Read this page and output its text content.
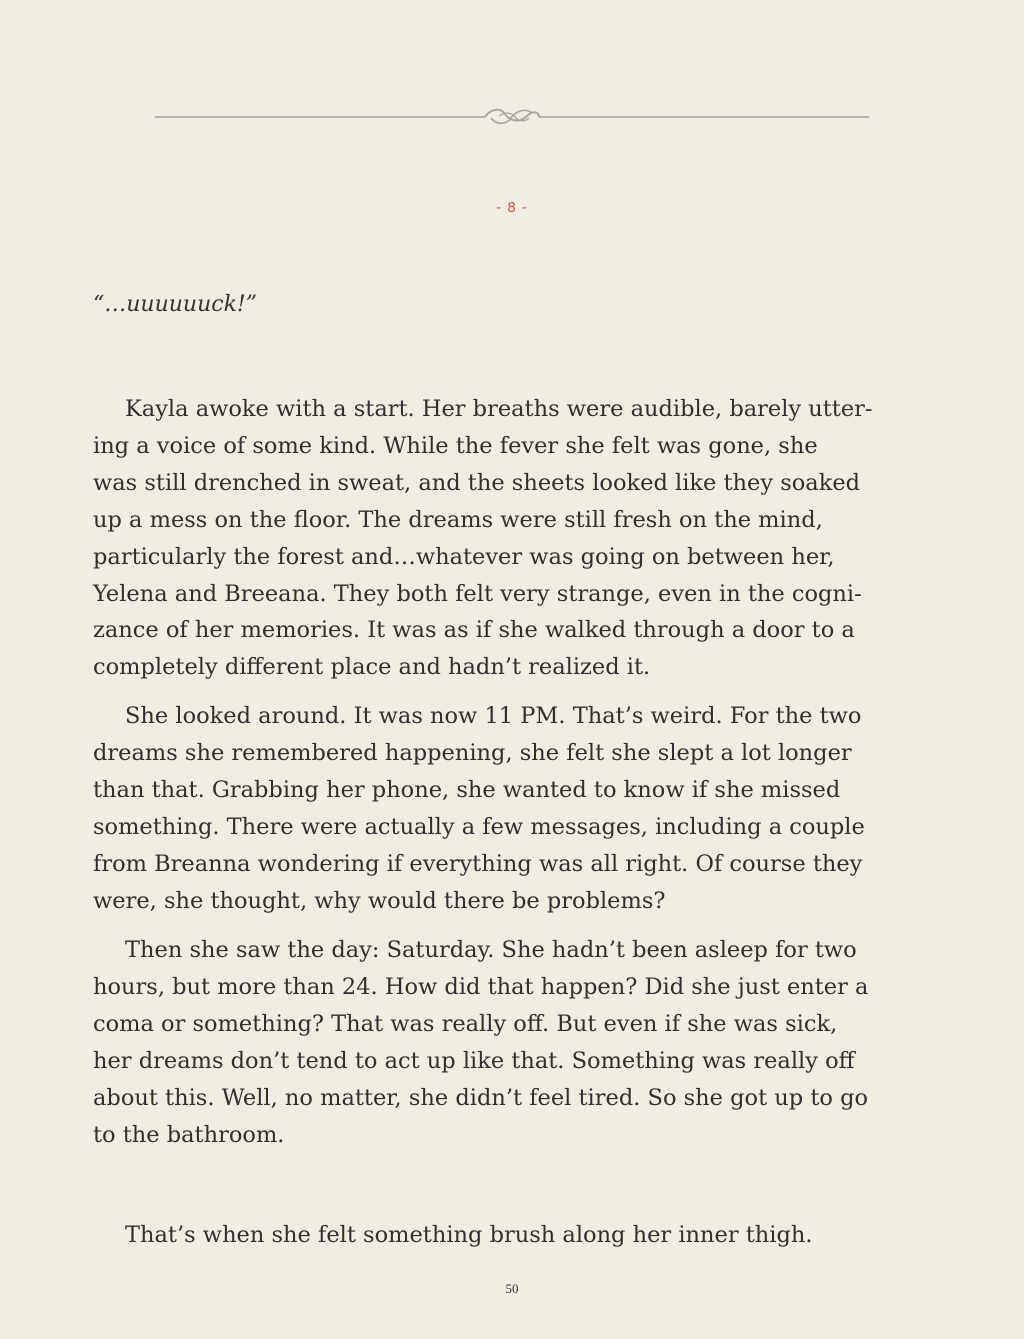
- 8 -
“…uuuuuuck!”

Kayla awoke with a start. Her breaths were audible, barely utter-
ing a voice of some kind. While the fever she felt was gone, she
was still drenched in sweat, and the sheets looked like they soaked
up a mess on the floor. The dreams were still fresh on the mind,
particularly the forest and…whatever was going on between her,
Yelena and Breeana. They both felt very strange, even in the cogni-
zance of her memories. It was as if she walked through a door to a
completely different place and hadn’t realized it.

She looked around. It was now 11 PM. That’s weird. For the two
dreams she remembered happening, she felt she slept a lot longer
than that. Grabbing her phone, she wanted to know if she missed
something. There were actually a few messages, including a couple
from Breanna wondering if everything was all right. Of course they
were, she thought, why would there be problems?

Then she saw the day: Saturday. She hadn’t been asleep for two
hours, but more than 24. How did that happen? Did she just enter a
coma or something? That was really off. But even if she was sick,
her dreams don’t tend to act up like that. Something was really off
about this. Well, no matter, she didn’t feel tired. So she got up to go
to the bathroom.

That’s when she felt something brush along her inner thigh.

50
